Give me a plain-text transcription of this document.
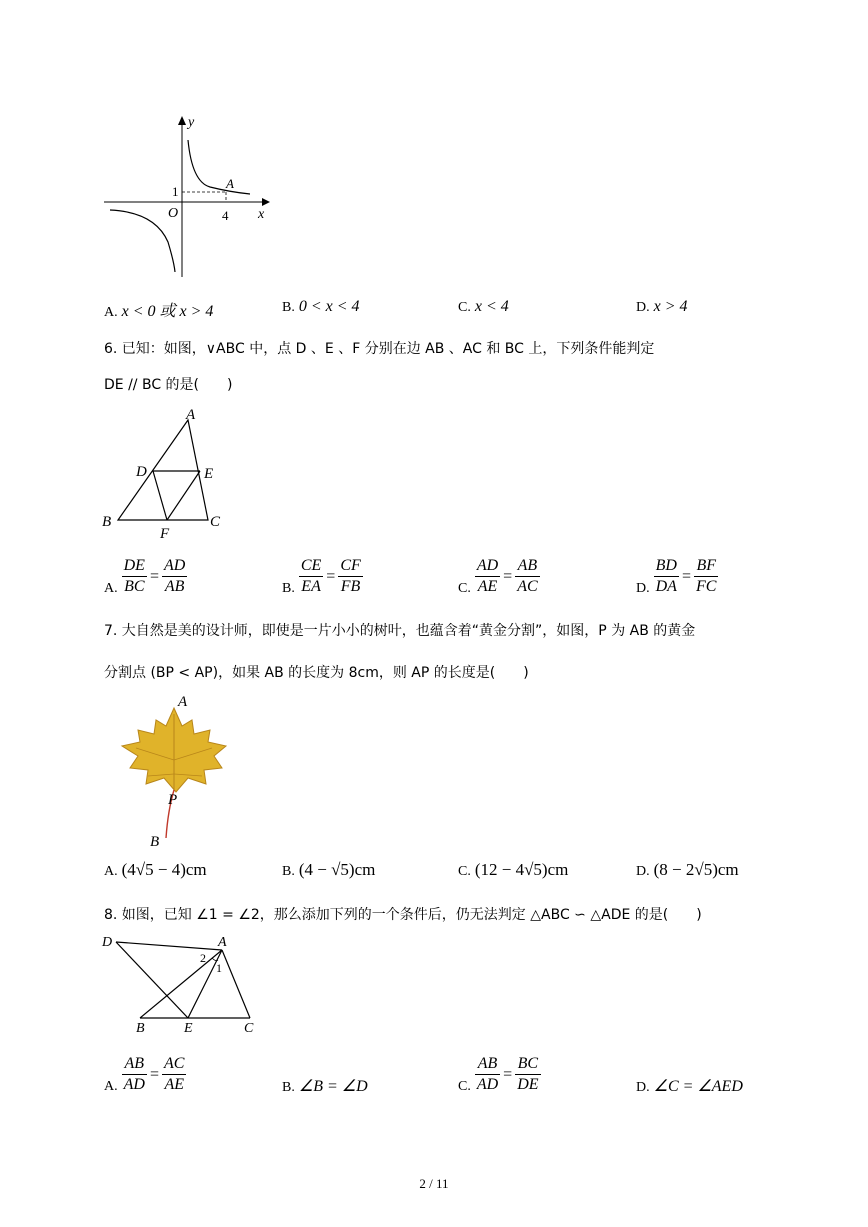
y
x
O
1
4
A
A. x < 0 或 x > 4	B. 0 < x < 4	C. x < 4	D. x > 4
6. 已知：如图，∨ABC 中，点 D 、E 、F 分别在边 AB 、AC 和 BC 上，下列条件能判定
DE // BC 的是(　　)
A
B	C
D	E
F
A. $\frac{DE}{BC} = \frac{AD}{AB}$	B. $\frac{CE}{EA} = \frac{CF}{FB}$	C. $\frac{AD}{AE} = \frac{AB}{AC}$	D. $\frac{BD}{DA} = \frac{BF}{FC}$
7. 大自然是美的设计师，即使是一片小小的树叶，也蕴含着“黄金分割”，如图，P 为 AB 的黄金
分割点 (BP < AP)，如果 AB 的长度为 8cm，则 AP 的长度是(　　)
A
P
B
A. (4√5 − 4)cm	B. (4 − √5)cm	C. (12 − 4√5)cm	D. (8 − 2√5)cm
8. 如图，已知 ∠1 = ∠2，那么添加下列的一个条件后，仍无法判定 △ABC ∽ △ADE 的是(　　)
D	A
B	E	C
1
2
A. $\frac{AB}{AD} = \frac{AC}{AE}$	B. ∠B = ∠D	C. $\frac{AB}{AD} = \frac{BC}{DE}$	D. ∠C = ∠AED
2 / 11
